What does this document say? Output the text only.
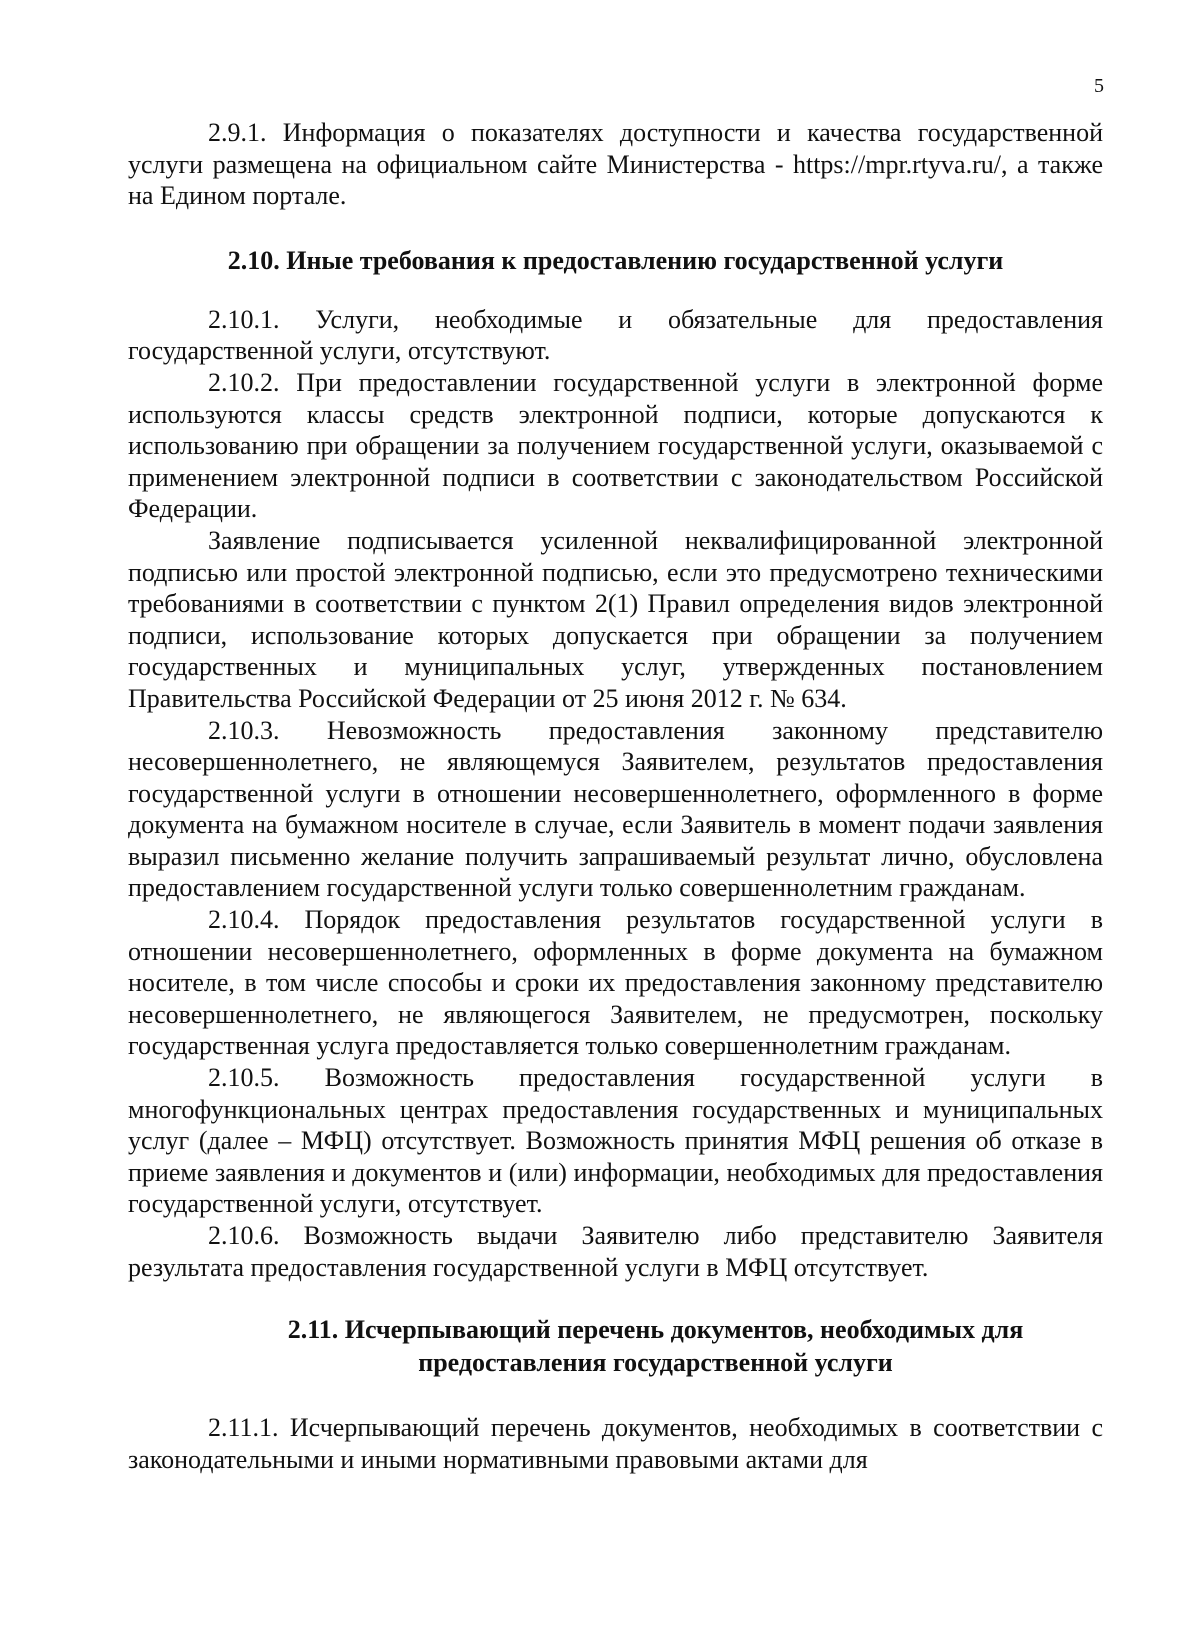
5

2.9.1. Информация о показателях доступности и качества государственной услуги размещена на официальном сайте Министерства - https://mpr.rtyva.ru/, а также на Едином портале.

2.10. Иные требования к предоставлению государственной услуги

2.10.1. Услуги, необходимые и обязательные для предоставления государственной услуги, отсутствуют.

2.10.2. При предоставлении государственной услуги в электронной форме используются классы средств электронной подписи, которые допускаются к использованию при обращении за получением государственной услуги, оказываемой с применением электронной подписи в соответствии с законодательством Российской Федерации.

Заявление подписывается усиленной неквалифицированной электронной подписью или простой электронной подписью, если это предусмотрено техническими требованиями в соответствии с пунктом 2(1) Правил определения видов электронной подписи, использование которых допускается при обращении за получением государственных и муниципальных услуг, утвержденных постановлением Правительства Российской Федерации от 25 июня 2012 г. № 634.

2.10.3. Невозможность предоставления законному представителю несовершеннолетнего, не являющемуся Заявителем, результатов предоставления государственной услуги в отношении несовершеннолетнего, оформленного в форме документа на бумажном носителе в случае, если Заявитель в момент подачи заявления выразил письменно желание получить запрашиваемый результат лично, обусловлена предоставлением государственной услуги только совершеннолетним гражданам.

2.10.4. Порядок предоставления результатов государственной услуги в отношении несовершеннолетнего, оформленных в форме документа на бумажном носителе, в том числе способы и сроки их предоставления законному представителю несовершеннолетнего, не являющегося Заявителем, не предусмотрен, поскольку государственная услуга предоставляется только совершеннолетним гражданам.

2.10.5. Возможность предоставления государственной услуги в многофункциональных центрах предоставления государственных и муниципальных услуг (далее – МФЦ) отсутствует. Возможность принятия МФЦ решения об отказе в приеме заявления и документов и (или) информации, необходимых для предоставления государственной услуги, отсутствует.

2.10.6. Возможность выдачи Заявителю либо представителю Заявителя результата предоставления государственной услуги в МФЦ отсутствует.

2.11. Исчерпывающий перечень документов, необходимых для
предоставления государственной услуги

2.11.1. Исчерпывающий перечень документов, необходимых в соответствии с законодательными и иными нормативными правовыми актами для
